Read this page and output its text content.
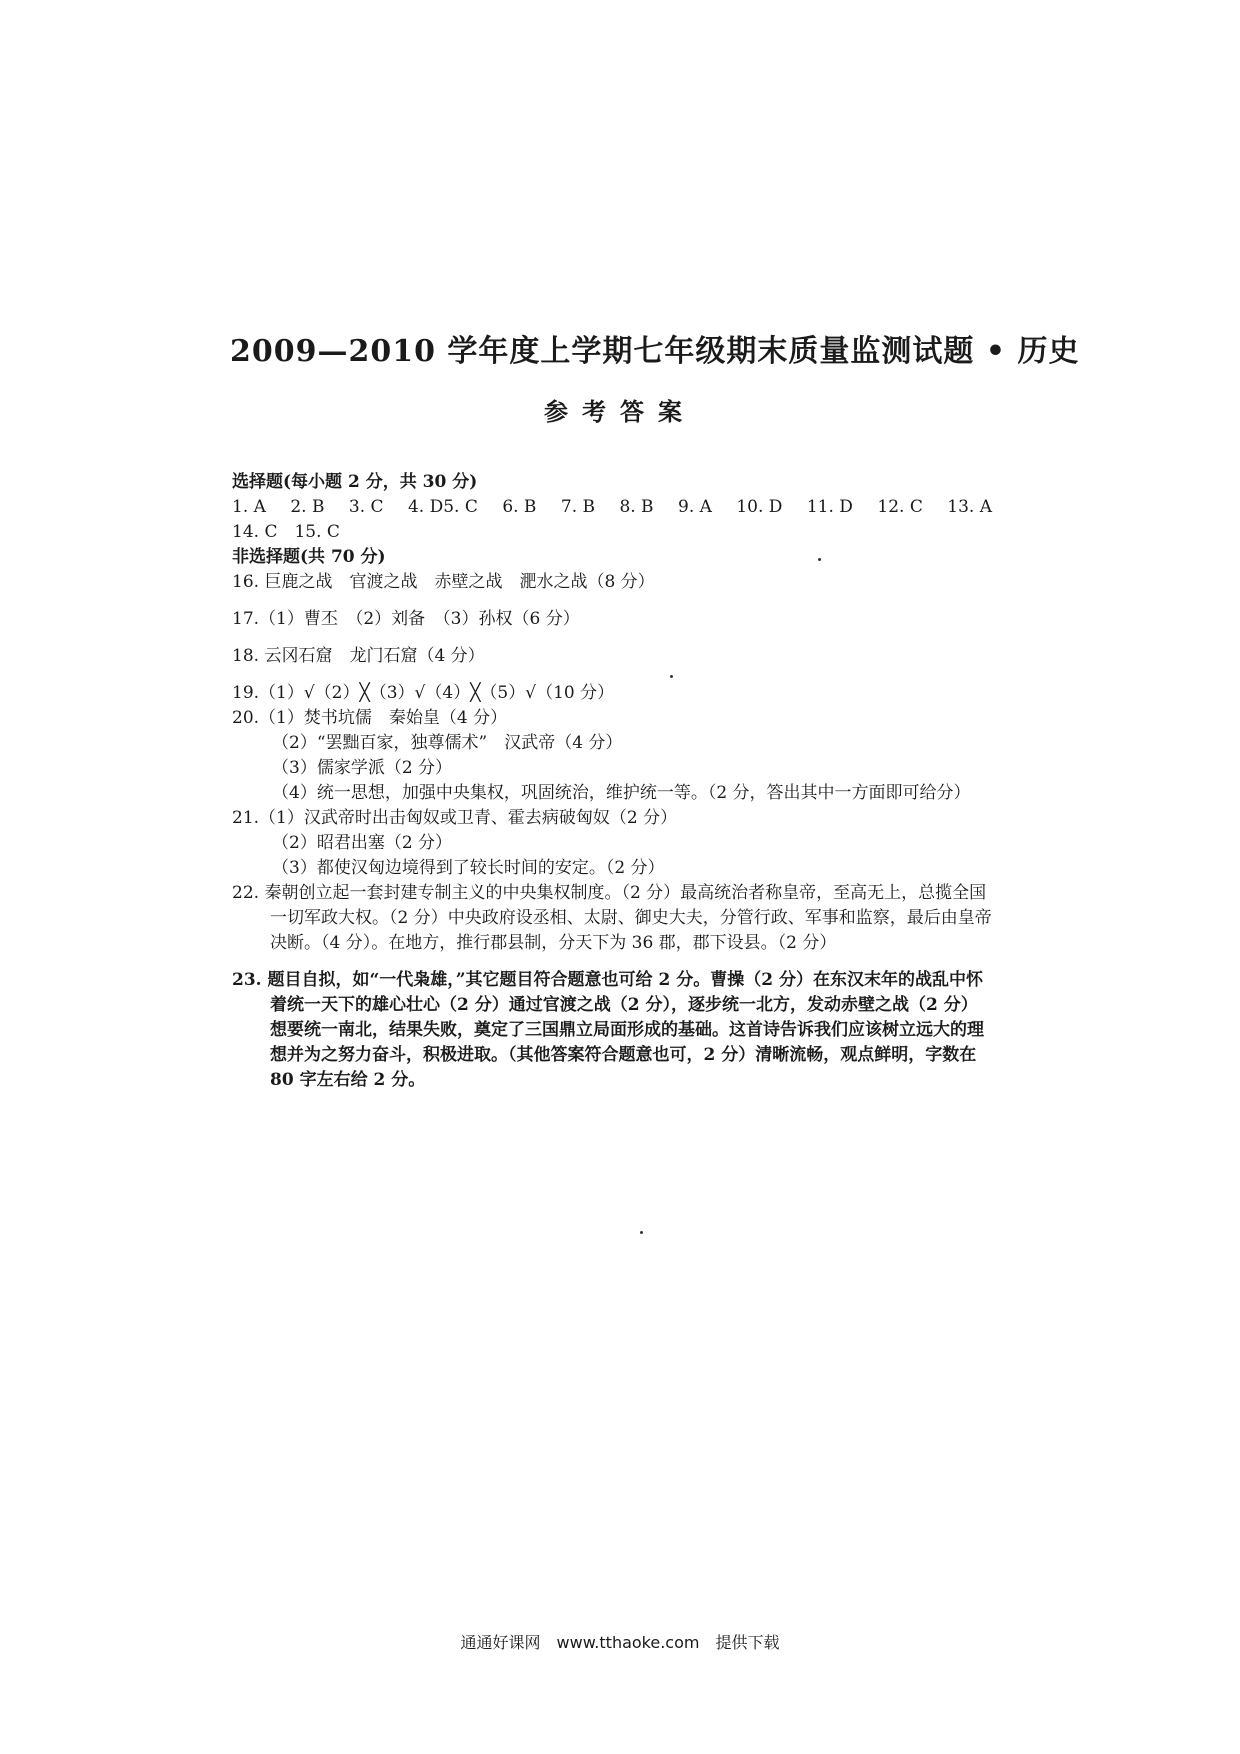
2009—2010 学年度上学期七年级期末质量监测试题 • 历史
参考答案
选择题(每小题 2 分，共 30 分)
1. A 2. B 3. C 4. D5. C 6. B 7. B 8. B 9. A 10. D 11. D 12. C 13. A
14. C　15. C
非选择题(共 70 分)
16. 巨鹿之战　官渡之战　赤壁之战　淝水之战（8 分）
17.（1）曹丕　（2）刘备　（3）孙权（6 分）
18. 云冈石窟　龙门石窟（4 分）
19.（1）√（2）╳（3）√（4）╳（5）√（10 分）
20.（1）焚书坑儒　秦始皇（4 分）
（2）“罢黜百家，独尊儒术”　汉武帝（4 分）
（3）儒家学派（2 分）
（4）统一思想，加强中央集权，巩固统治，维护统一等。（2 分，答出其中一方面即可给分）
21.（1）汉武帝时出击匈奴或卫青、霍去病破匈奴（2 分）
（2）昭君出塞（2 分）
（3）都使汉匈边境得到了较长时间的安定。（2 分）
22. 秦朝创立起一套封建专制主义的中央集权制度。（2 分）最高统治者称皇帝，至高无上，总揽全国一切军政大权。（2 分）中央政府设丞相、太尉、御史大夫，分管行政、军事和监察，最后由皇帝决断。（4 分）。在地方，推行郡县制，分天下为 36 郡，郡下设县。（2 分）
23. 题目自拟，如“一代枭雄，”其它题目符合题意也可给 2 分。曹操（2 分）在东汉末年的战乱中怀着统一天下的雄心壮心（2 分）通过官渡之战（2 分），逐步统一北方，发动赤壁之战（2 分）想要统一南北，结果失败，奠定了三国鼎立局面形成的基础。这首诗告诉我们应该树立远大的理想并为之努力奋斗，积极进取。（其他答案符合题意也可，2 分）清晰流畅，观点鲜明，字数在 80 字左右给 2 分。
通通好课网　www.tthaoke.com　提供下载
